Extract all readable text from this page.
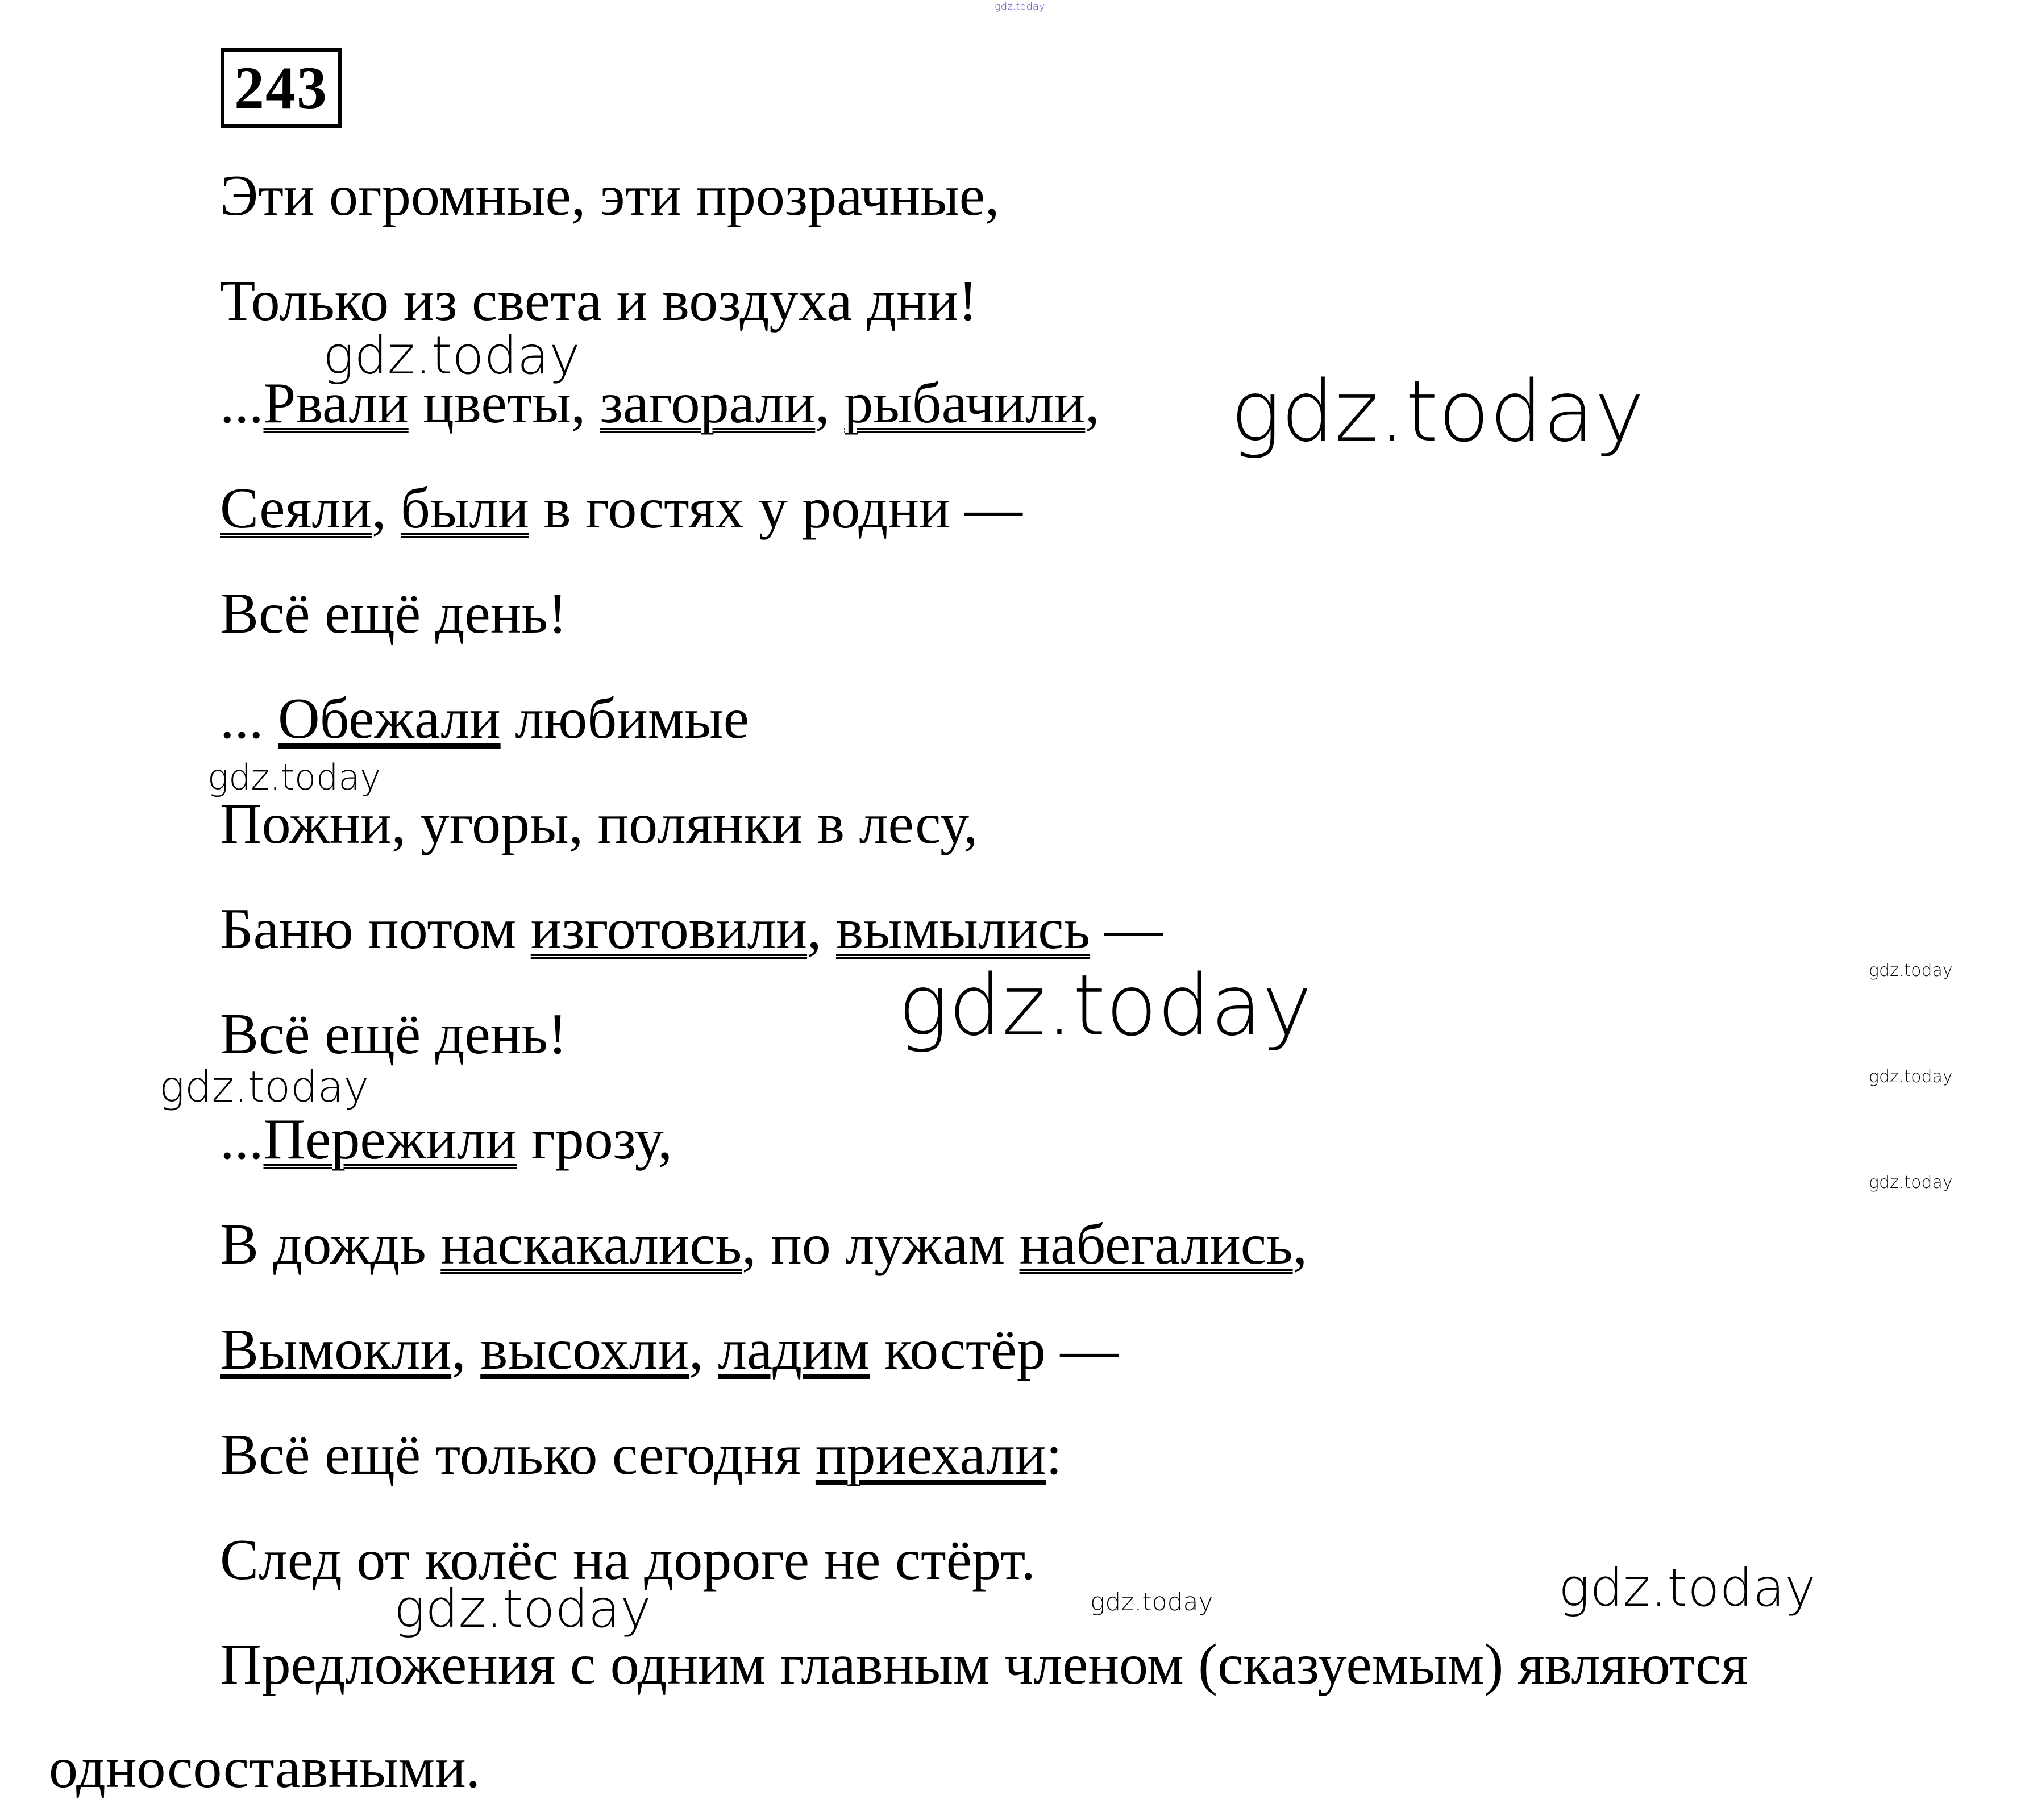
243
Эти огромные, эти прозрачные,
Только из света и воздуха дни!
...Рвали цветы, загорали, рыбачили,
Сеяли, были в гостях у родни —
Всё ещё день!
... Обежали любимые
Пожни, угоры, полянки в лесу,
Баню потом изготовили, вымылись —
Всё ещё день!
...Пережили грозу,
В дождь наскакались, по лужам набегались,
Вымокли, высохли, ладим костёр —
Всё ещё только сегодня приехали:
След от колёс на дороге не стёрт.
Предложения с одним главным членом (сказуемым) являются односоставными.
gdz.today
gdz.today
gdz.today
gdz.today
gdz.today
gdz.today
gdz.today	gdz.today
gdz.today
gdz.today	gdz.today	gdz.today
